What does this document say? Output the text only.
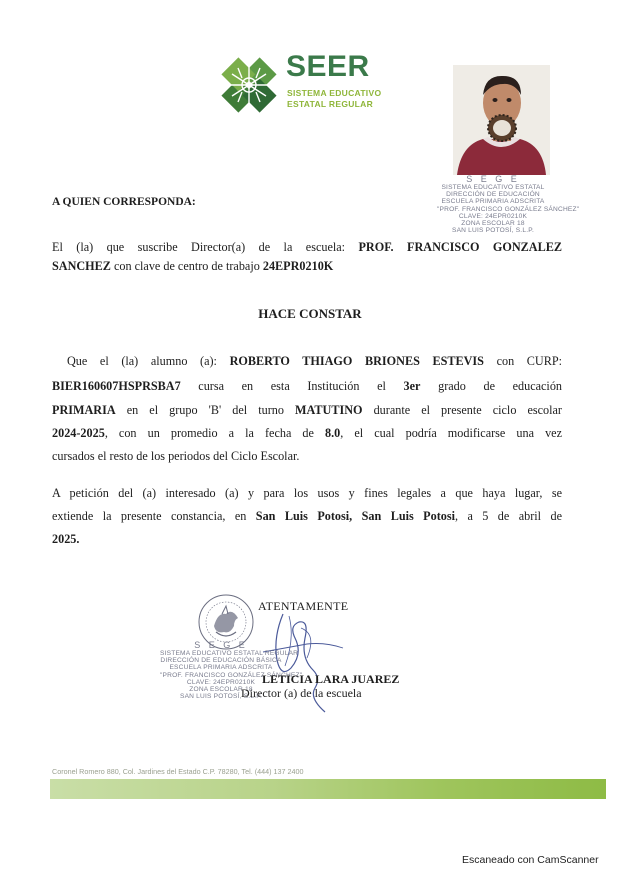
SEER
SISTEMA EDUCATIVO
ESTATAL REGULAR
S E G E
SISTEMA EDUCATIVO ESTATAL
DIRECCIÓN DE EDUCACIÓN
ESCUELA PRIMARIA ADSCRITA
"PROF. FRANCISCO GONZÁLEZ SÁNCHEZ"
CLAVE: 24EPR0210K
ZONA ESCOLAR 18
SAN LUIS POTOSÍ, S.L.P.
A QUIEN CORRESPONDA:
El (la) que suscribe Director(a) de la escuela: PROF. FRANCISCO GONZALEZ
SANCHEZ con clave de centro de trabajo 24EPR0210K
HACE CONSTAR
Que el (la) alumno (a): ROBERTO THIAGO BRIONES ESTEVIS con CURP:
BIER160607HSPRSBA7 cursa en esta Institución el 3er grado de educación
PRIMARIA en el grupo 'B' del turno MATUTINO durante el presente ciclo escolar
2024-2025, con un promedio a la fecha de 8.0, el cual podría modificarse una vez
cursados el resto de los periodos del Ciclo Escolar.
A petición del (a) interesado (a) y para los usos y fines legales a que haya lugar, se
extiende la presente constancia, en San Luis Potosi, San Luis Potosi, a 5 de abril de
2025.
ATENTAMENTE
S E G E
SISTEMA EDUCATIVO ESTATAL REGULAR
DIRECCIÓN DE EDUCACIÓN BÁSICA
ESCUELA PRIMARIA ADSCRITA
"PROF. FRANCISCO GONZÁLEZ SÁNCHEZ"
CLAVE: 24EPR0210K
ZONA ESCOLAR 18
SAN LUIS POTOSÍ, S.L.P.
LETICIA LARA JUAREZ
Director (a) de la escuela
Coronel Romero 880, Col. Jardines del Estado C.P. 78280, Tel. (444) 137 2400
Escaneado con CamScanner
